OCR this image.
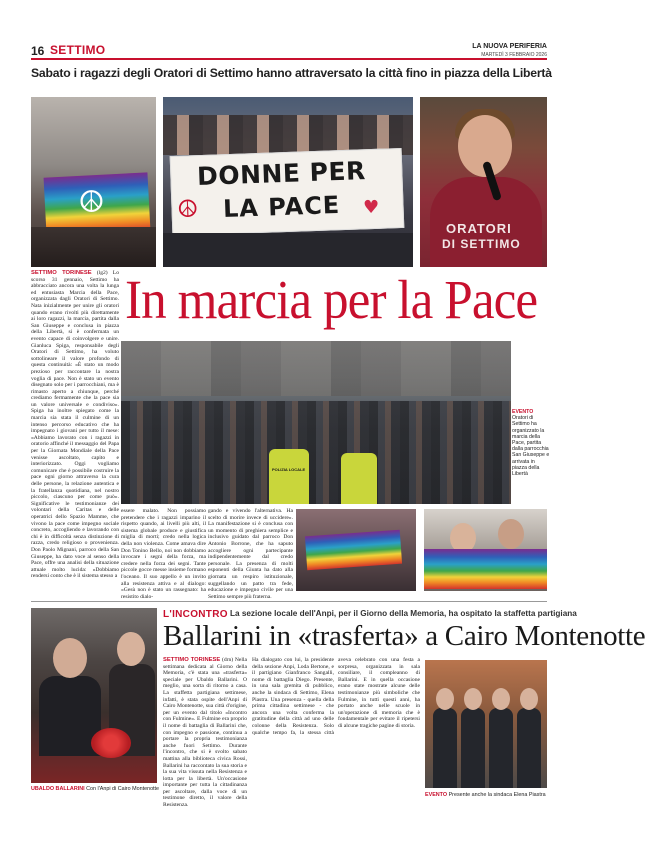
16 SETTIMO	LA NUOVA PERIFERIA
MARTEDÌ 3 FEBBRAIO 2026
Sabato i ragazzi degli Oratori di Settimo hanno attraversato la città fino in piazza della Libertà
☮
DONNE PER
☮ LA PACE ♥
ORATORI
DI SETTIMO
SETTIMO TORINESE (lg2) Lo scorso 31 gennaio, Settimo ha abbracciato ancora una volta la lunga ed entusiasta Marcia della Pace, organizzata dagli Oratori di Settimo. Nata inizialmente per unire gli oratori quando erano rivolti più direttamente ai loro ragazzi, la marcia, partita dalla San Giuseppe e conclusa in piazza della Libertà, si è confermata un evento capace di coinvolgere e unire. Gianluca Spiga, responsabile degli Oratori di Settimo, ha voluto sottolineare il valore profondo di questa continuità: «È stato un modo prezioso per raccontare la nostra voglia di pace. Non è stato un evento disegnato solo per i parrocchiani, ma è rimasto aperto a chiunque, perché crediamo fermamente che la pace sia un valore universale e condiviso». Spiga ha inoltre spiegato come la marcia sia stata il culmine di un intenso percorso educativo che ha impegnato i giovani per tutto il mese: «Abbiamo lavorato con i ragazzi in oratorio affinché il messaggio del Papa per la Giornata Mondiale della Pace venisse ascoltato, capito e interiorizzato. Oggi vogliamo comunicare che è possibile costruire la pace ogni giorno attraverso la cura delle persone, la relazione autentica e la fratellanza quotidiana, nel nostro piccolo, ciascuno per come può». Significative le testimonianze dei volontari della Caritas e delle operatrici dello Spazio Mamme, che vivono la pace come impegno sociale concreto, accogliendo e lavorando con chi è in difficoltà senza distinzione di razza, credo religioso o provenienza. Don Paolo Mignani, parroco della San Giuseppe, ha dato voce al senso della Pace, offre una analisi della situazione attuale molto lucida: «Dobbiamo rendersi conto che è il sistema stesso a
In marcia per la Pace
POLIZIA LOCALE
EVENTO
Oratori di Settimo ha organizzato la marcia della Pace, partita dalla parrocchia San Giuseppe e arrivata in piazza della Libertà
essere malato. Non possiamo pretendere che i ragazzi imparino il rispetto quando, ai livelli più alti, il sistema globale produce e giustifica miglia di morti; credo nella logica della non violenza. Come amava dire Don Tonino Bello, noi non dobbiamo invocare i segni della forza, ma credere nella forza dei segni. Tante piccole gocce messe insieme formano l'oceano. Il suo appello è un invito alla resistenza attiva e al dialogo: «Gesù non è stato un rassegnato: ha resistito dialo-
gando e vivendo l'alternativa. Ha scelto di morire invece di uccidere». La manifestazione si è conclusa con un momento di preghiera semplice e inclusivo guidato dal parroco Don Antonio Borrone, che ha saputo accogliere ogni partecipante indipendentemente dal credo personale. La presenza di molti esponenti della Giunta ha dato alla giornata un respiro istituzionale, suggellando un patto tra fede, educazione e impegno civile per una Settimo sempre più fraterna.
UBALDO BALLARINI Con l'Anpi di Cairo Montenotte
L'INCONTRO La sezione locale dell'Anpi, per il Giorno della Memoria, ha ospitato la staffetta partigiana
Ballarini in «trasferta» a Cairo Montenotte
SETTIMO TORINESE (drn) Nella settimana dedicata al Giorno della Memoria, c'è stata una «trasferta» speciale per Ubaldo Ballarini. O meglio, una sorta di ritorno a casa. La staffetta partigiana settimese, infatti, è stata ospite dell'Anpi di Cairo Montenotte, sua città d'origine, per un evento dal titolo «Incontro con Fulmine». E Fulmine era proprio il nome di battaglia di Ballarini che, con impegno e passione, continua a portare la propria testimonianza anche fuori Settimo. Durante l'incontro, che si è svolto sabato mattina alla biblioteca civica Rossi, Ballarini ha raccontato la sua storia e la sua vita vissuta nella Resistenza e lotta per la libertà. Un'occasione importante per tutta la cittadinanza per ascoltare, dalla voce di un testimone diretto, il valore della Resistenza.
Ha dialogato con lui, la presidente della sezione Anpi, Loda Bertone, e il partigiano Gianfranco Sangalli, nome di battaglia Diego. Presente, in una sala gremita di pubblico, anche la sindaca di Settimo, Elena Piastra. Una presenza - quella della prima cittadina settimese - che ancora una volta conferma la gratitudine della città ad uno delle colonne della Resistenza. Solo qualche tempo fa, la stessa città aveva celebrato con una festa a sorpresa, organizzata in sala consiliare, il compleanno di Ballarini. E in quella occasione erano state mostrate alcune delle testimonianze più simboliche che Fulmine, in tutti questi anni, ha portato anche nelle scuole in un'operazione di memoria che è fondamentale per evitare il ripetersi di alcune tragiche pagine di storia.
EVENTO Presente anche la sindaca Elena Piastra
